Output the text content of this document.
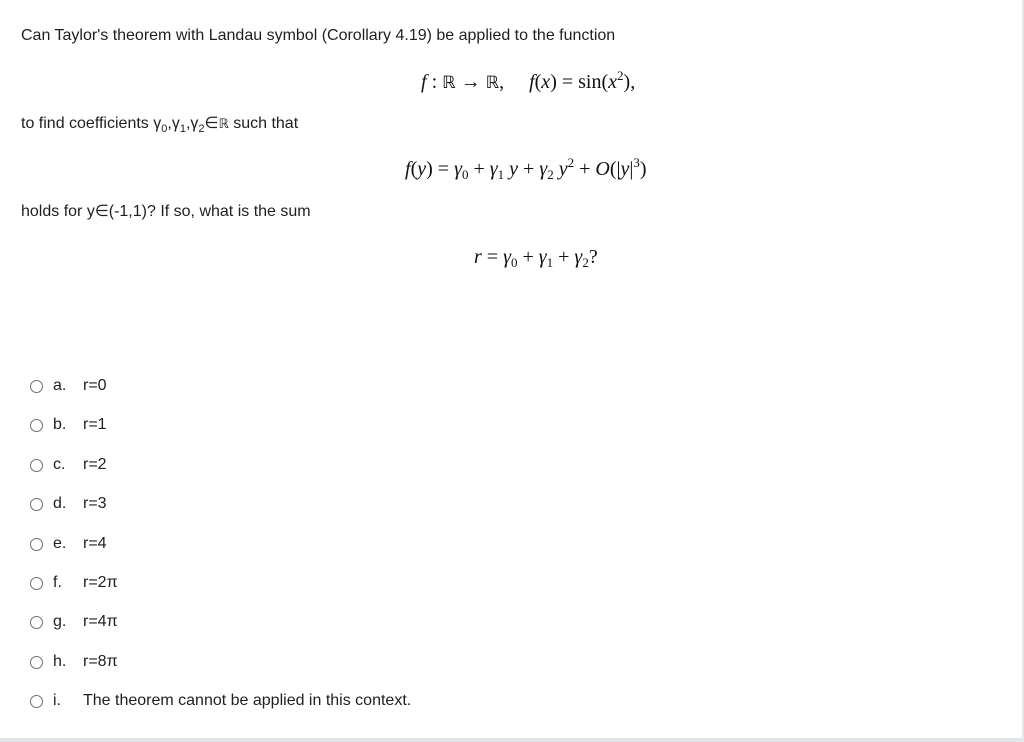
Can Taylor's theorem with Landau symbol (Corollary 4.19) be applied to the function
f : ℝ → ℝ,     $f(x) = \sin(x^2)$,
to find coefficients $\gamma_0,\gamma_1,\gamma_2\in ℝ$ such that
$f(y) = \gamma_0 + \gamma_1$ $y + \gamma_2$ $y^2 + O(|y|^3)$
holds for y∈(-1,1)? If so, what is the sum
$r = \gamma_0 + \gamma_1 + \gamma_2$?
a.	r=0
b.	r=1
c.	r=2
d.	r=3
e.	r=4
f.	r=2π
g.	r=4π
h.	r=8π
i.	The theorem cannot be applied in this context.
